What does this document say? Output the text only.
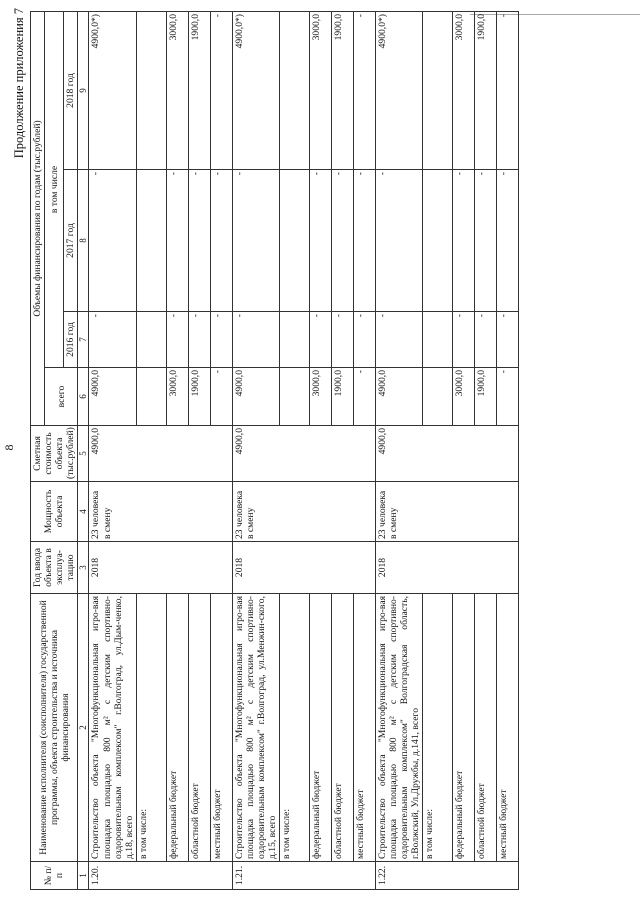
8
Продолжение приложения 7
№ п/п	Наименование исполнителя (соисполнителя) государственной программы, объекта строительства и источника финансирования	Год ввода объекта в эксплуа-тацию	Мощность объекта	Сметная стоимость объекта (тыс.рублей)	Объемы финансирования по годам (тыс.рублей)			
					всего	в том числе		
						2016 год	2017 год	2018 год
1	2	3	4	5	6	7	8	9
1.20.	Строительство объекта "Многофункциональная игро-вая площадка площадью 800 м² с детским спортивно-оздоровительным комплексом" г.Волгоград, ул.Дым-ченко, д.18, всего	2018	23 человека в смену	4900,0	4900,0	-	-	4900,0*)
	в том числе:							
	федеральный бюджет				3000,0	-	-	3000,0
	областной бюджет				1900,0	-	-	1900,0
	местный бюджет				-	-	-	-
1.21.	Строительство объекта "Многофункциональная игро-вая площадка площадью 800 м² с детским спортивно-оздоровительным комплексом" г.Волгоград, ул.Менжин-ского, д.15, всего	2018	23 человека в смену	4900,0	4900,0	-	-	4900,0*)
	в том числе:							
	федеральный бюджет				3000,0	-	-	3000,0
	областной бюджет				1900,0	-	-	1900,0
	местный бюджет				-	-	-	-
1.22.	Строительство объекта "Многофункциональная игро-вая площадка площадью 800 м² с детским спортивно-оздоровительным комплексом" Волгоградская область, г.Волжский, Ул.Дружбы, д.141, всего	2018	23 человека в смену	4900,0	4900,0	-	-	4900,0*)
	в том числе:							
	федеральный бюджет				3000,0	-	-	3000,0
	областной бюджет				1900,0	-	-	1900,0
	местный бюджет				-	-	-	-
